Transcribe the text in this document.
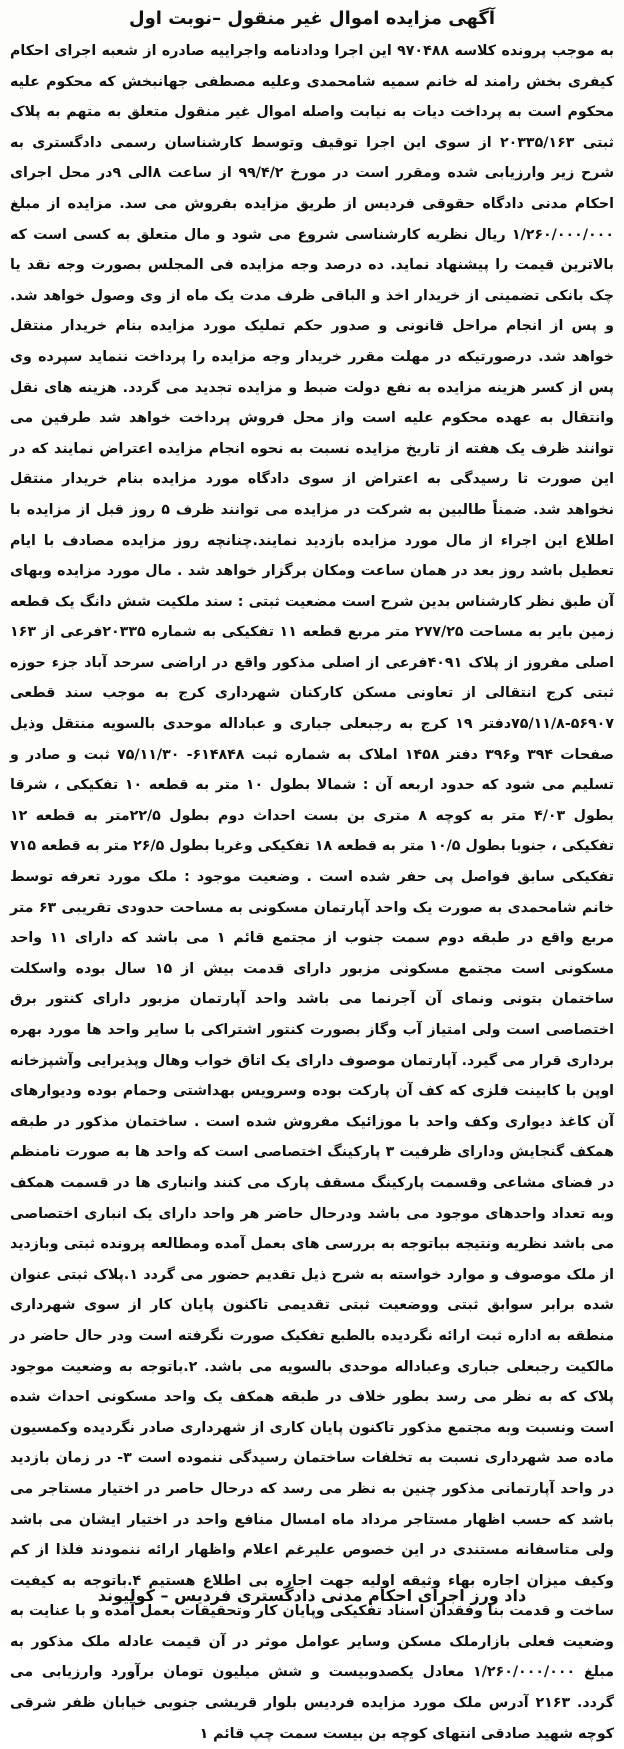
آگهی مزایده اموال غیر منقول –نوبت اول

به موجب پرونده کلاسه ۹۷۰۴۸۸ این اجرا ودادنامه واجراییه صادره از شعبه اجرای احکام کیفری بخش رامند له خانم سمیه شامحمدی وعلیه مصطفی جهانبخش که محکوم علیه محکوم است به پرداخت دیات به نیابت واصله اموال غیر منقول متعلق به متهم به پلاک ثبتی ۲۰۳۳۵/۱۶۳ از سوی این اجرا توقیف وتوسط کارشناسان رسمی دادگستری به شرح زیر وارزیابی شده ومقرر است در مورخ ۹۹/۴/۲ از ساعت ۸الی ۹در محل اجرای احکام مدنی دادگاه حقوقی فردیس از طریق مزایده بفروش می سد. مزایده از مبلغ ۱/۲۶۰/۰۰۰/۰۰۰ ریال نظریه کارشناسی شروع می شود و مال متعلق به کسی است که بالاترین قیمت را پیشنهاد نماید. ده درصد وجه مزایده فی المجلس بصورت وجه نقد یا چک بانکی تضمینی از خریدار اخذ و الباقی ظرف مدت یک ماه از وی وصول خواهد شد. و پس از انجام مراحل قانونی و صدور حکم تملیک مورد مزایده بنام خریدار منتقل خواهد شد. درصورتیکه در مهلت مقرر خریدار وجه مزایده را پرداخت ننماید سپرده وی پس از کسر هزینه مزایده به نفع دولت ضبط و مزایده تجدید می گردد. هزینه های نقل وانتقال به عهده محکوم علیه است واز محل فروش پرداخت خواهد شد طرفین می توانند ظرف یک هفته از تاریخ مزایده نسبت به نحوه انجام مزایده اعتراض نمایند که در این صورت تا رسیدگی به اعتراض از سوی دادگاه مورد مزایده بنام خریدار منتقل نخواهد شد. ضمناً طالبین به شرکت در مزایده می توانند ظرف ۵ روز قبل از مزایده با اطلاع این اجراء از مال مورد مزایده بازدید نمایند.چنانچه روز مزایده مصادف با ایام تعطیل باشد روز بعد در همان ساعت ومکان برگزار خواهد شد . مال مورد مزایده وبهای آن طبق نظر کارشناس بدین شرح است مضعیت ثبتی : سند ملکیت شش دانگ یک قطعه زمین بایر به مساحت ۲۷۷/۲۵ متر مربع قطعه ۱۱ تفکیکی به شماره ۲۰۳۳۵فرعی از ۱۶۳ اصلی مفروز از پلاک ۴۰۹۱فرعی از اصلی مذکور واقع در اراضی سرحد آباد جزء حوزه ثبتی کرج انتقالی از تعاونی مسکن کارکنان شهرداری کرج به موجب سند قطعی ۵۶۹۰۷-۷۵/۱۱/۸دفتر ۱۹ کرج به رجبعلی جباری و عباداله موحدی بالسویه منتقل وذیل صفحات ۳۹۴ و۳۹۶ دفتر ۱۴۵۸ املاک به شماره ثبت ۶۱۴۸۴۸- ۷۵/۱۱/۳۰ ثبت و صادر و تسلیم می شود که حدود اربعه آن : شمالا بطول ۱۰ متر به قطعه ۱۰ تفکیکی ، شرقا بطول ۴/۰۳ متر به کوچه ۸ متری بن بست احداث دوم بطول ۲۲/۵متر به قطعه ۱۲ تفکیکی ، جنوبا بطول ۱۰/۵ متر به قطعه ۱۸ تفکیکی وغربا بطول ۲۶/۵ متر به قطعه ۷۱۵ تفکیکی سابق فواصل پی حفر شده است . وضعیت موجود : ملک مورد تعرفه توسط خانم شامحمدی به صورت یک واحد آپارتمان مسکونی به مساحت حدودی تقریبی ۶۳ متر مربع واقع در طبقه دوم سمت جنوب از مجتمع قائم ۱ می باشد که دارای ۱۱ واحد مسکونی است مجتمع مسکونی مزبور دارای قدمت بیش از ۱۵ سال بوده واسکلت ساختمان بتونی ونمای آن آجرنما می باشد واحد آپارتمان مزبور دارای کنتور برق اختصاصی است ولی امتیاز آب وگاز بصورت کنتور اشتراکی با سایر واحد ها مورد بهره برداری قرار می گیرد. آپارتمان موصوف دارای یک اتاق خواب وهال وپذیرایی وآشپزخانه اوپن با کابینت فلزی که کف آن پارکت بوده وسرویس بهداشتی وحمام بوده ودیوارهای آن کاغذ دیواری وکف واحد با موزائیک مفروش شده است . ساختمان مذکور در طبقه همکف گنجایش ودارای ظرفیت ۳ پارکینگ اختصاصی است که واحد ها به صورت نامنظم در فضای مشاعی وقسمت پارکینگ مسقف پارک می کنند وانباری ها در قسمت همکف وبه تعداد واحدهای موجود می باشد ودرحال حاضر هر واحد دارای یک انباری اختصاصی می باشد نظریه ونتیجه بباتوجه به بررسی های بعمل آمده ومطالعه پرونده ثبتی وبازدید از ملک موصوف و موارد خواسته به شرح ذیل تقدیم حضور می گردد ۱.پلاک ثبتی عنوان شده برابر سوابق ثبتی ووضعیت ثبتی تقدیمی تاکنون پایان کار از سوی شهرداری منطقه به اداره ثبت ارائه نگردیده بالطبع تفکیک صورت نگرفته است ودر حال حاضر در مالکیت رجبعلی جباری وعباداله موحدی بالسویه می باشد. ۲.باتوجه به وضعیت موجود پلاک که به نظر می رسد بطور خلاف در طبقه همکف یک واحد مسکونی احداث شده است ونسبت وبه مجتمع مذکور تاکنون پایان کاری از شهرداری صادر نگردیده وکمسیون ماده صد شهرداری نسبت به تخلفات ساختمان رسیدگی ننموده است ۳- در زمان بازدید در واحد آپارتمانی مذکور چنین به نظر می رسد که درحال حاصر در اختیار مستاجر می باشد که حسب اظهار مستاجر مرداد ماه امسال منافع واحد در اختیار ایشان می باشد ولی متاسفانه مستندی در این خصوص علیرغم اعلام واظهار ارائه ننمودند فلذا از کم وکیف میزان اجاره بهاء وثیقه اولیه جهت اجاره بی اطلاع هستیم ۴.باتوجه به کیفیت ساخت و قدمت بنا وفقدان اسناد تفکیکی وپایان کار وتحقیقات بعمل آمده و با عنایت به وضعیت فعلی بازارملک مسکن وسایر عوامل موثر در آن قیمت عادله ملک مذکور به مبلغ ۱/۲۶۰/۰۰۰/۰۰۰ معادل یکصدوبیست و شش میلیون تومان برآورد وارزیابی می گردد. ۲۱۶۳ آدرس ملک مورد مزایده فردیس بلوار قریشی جنوبی خیابان ظفر شرقی کوچه شهید صادقی انتهای کوچه بن بیست سمت چپ قائم ۱

داد ورز اجرای احکام مدنی دادگستری فردیس – کولیوند
